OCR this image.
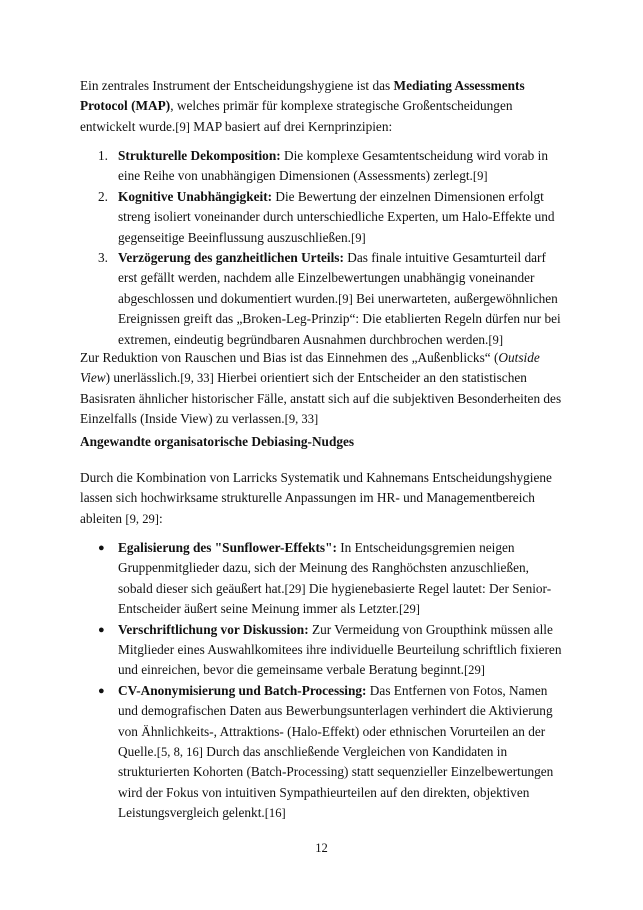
Ein zentrales Instrument der Entscheidungshygiene ist das Mediating Assessments Protocol (MAP), welches primär für komplexe strategische Großentscheidungen entwickelt wurde.[9] MAP basiert auf drei Kernprinzipien:

1. Strukturelle Dekomposition: Die komplexe Gesamtentscheidung wird vorab in eine Reihe von unabhängigen Dimensionen (Assessments) zerlegt.[9]
2. Kognitive Unabhängigkeit: Die Bewertung der einzelnen Dimensionen erfolgt streng isoliert voneinander durch unterschiedliche Experten, um Halo-Effekte und gegenseitige Beeinflussung auszuschließen.[9]
3. Verzögerung des ganzheitlichen Urteils: Das finale intuitive Gesamturteil darf erst gefällt werden, nachdem alle Einzelbewertungen unabhängig voneinander abgeschlossen und dokumentiert wurden.[9] Bei unerwarteten, außergewöhnlichen Ereignissen greift das „Broken-Leg-Prinzip“: Die etablierten Regeln dürfen nur bei extremen, eindeutig begründbaren Ausnahmen durchbrochen werden.[9]

Zur Reduktion von Rauschen und Bias ist das Einnehmen des „Außenblicks“ (Outside View) unerlässlich.[9, 33] Hierbei orientiert sich der Entscheider an den statistischen Basisraten ähnlicher historischer Fälle, anstatt sich auf die subjektiven Besonderheiten des Einzelfalls (Inside View) zu verlassen.[9, 33]

Angewandte organisatorische Debiasing-Nudges

Durch die Kombination von Larricks Systematik und Kahnemans Entscheidungshygiene lassen sich hochwirksame strukturelle Anpassungen im HR- und Managementbereich ableiten [9, 29]:

● Egalisierung des "Sunflower-Effekts": In Entscheidungsgremien neigen Gruppenmitglieder dazu, sich der Meinung des Ranghöchsten anzuschließen, sobald dieser sich geäußert hat.[29] Die hygienebasierte Regel lautet: Der Senior-Entscheider äußert seine Meinung immer als Letzter.[29]
● Verschriftlichung vor Diskussion: Zur Vermeidung von Groupthink müssen alle Mitglieder eines Auswahlkomitees ihre individuelle Beurteilung schriftlich fixieren und einreichen, bevor die gemeinsame verbale Beratung beginnt.[29]
● CV-Anonymisierung und Batch-Processing: Das Entfernen von Fotos, Namen und demografischen Daten aus Bewerbungsunterlagen verhindert die Aktivierung von Ähnlichkeits-, Attraktions- (Halo-Effekt) oder ethnischen Vorurteilen an der Quelle.[5, 8, 16] Durch das anschließende Vergleichen von Kandidaten in strukturierten Kohorten (Batch-Processing) statt sequenzieller Einzelbewertungen wird der Fokus von intuitiven Sympathieurteilen auf den direkten, objektiven Leistungsvergleich gelenkt.[16]
12
